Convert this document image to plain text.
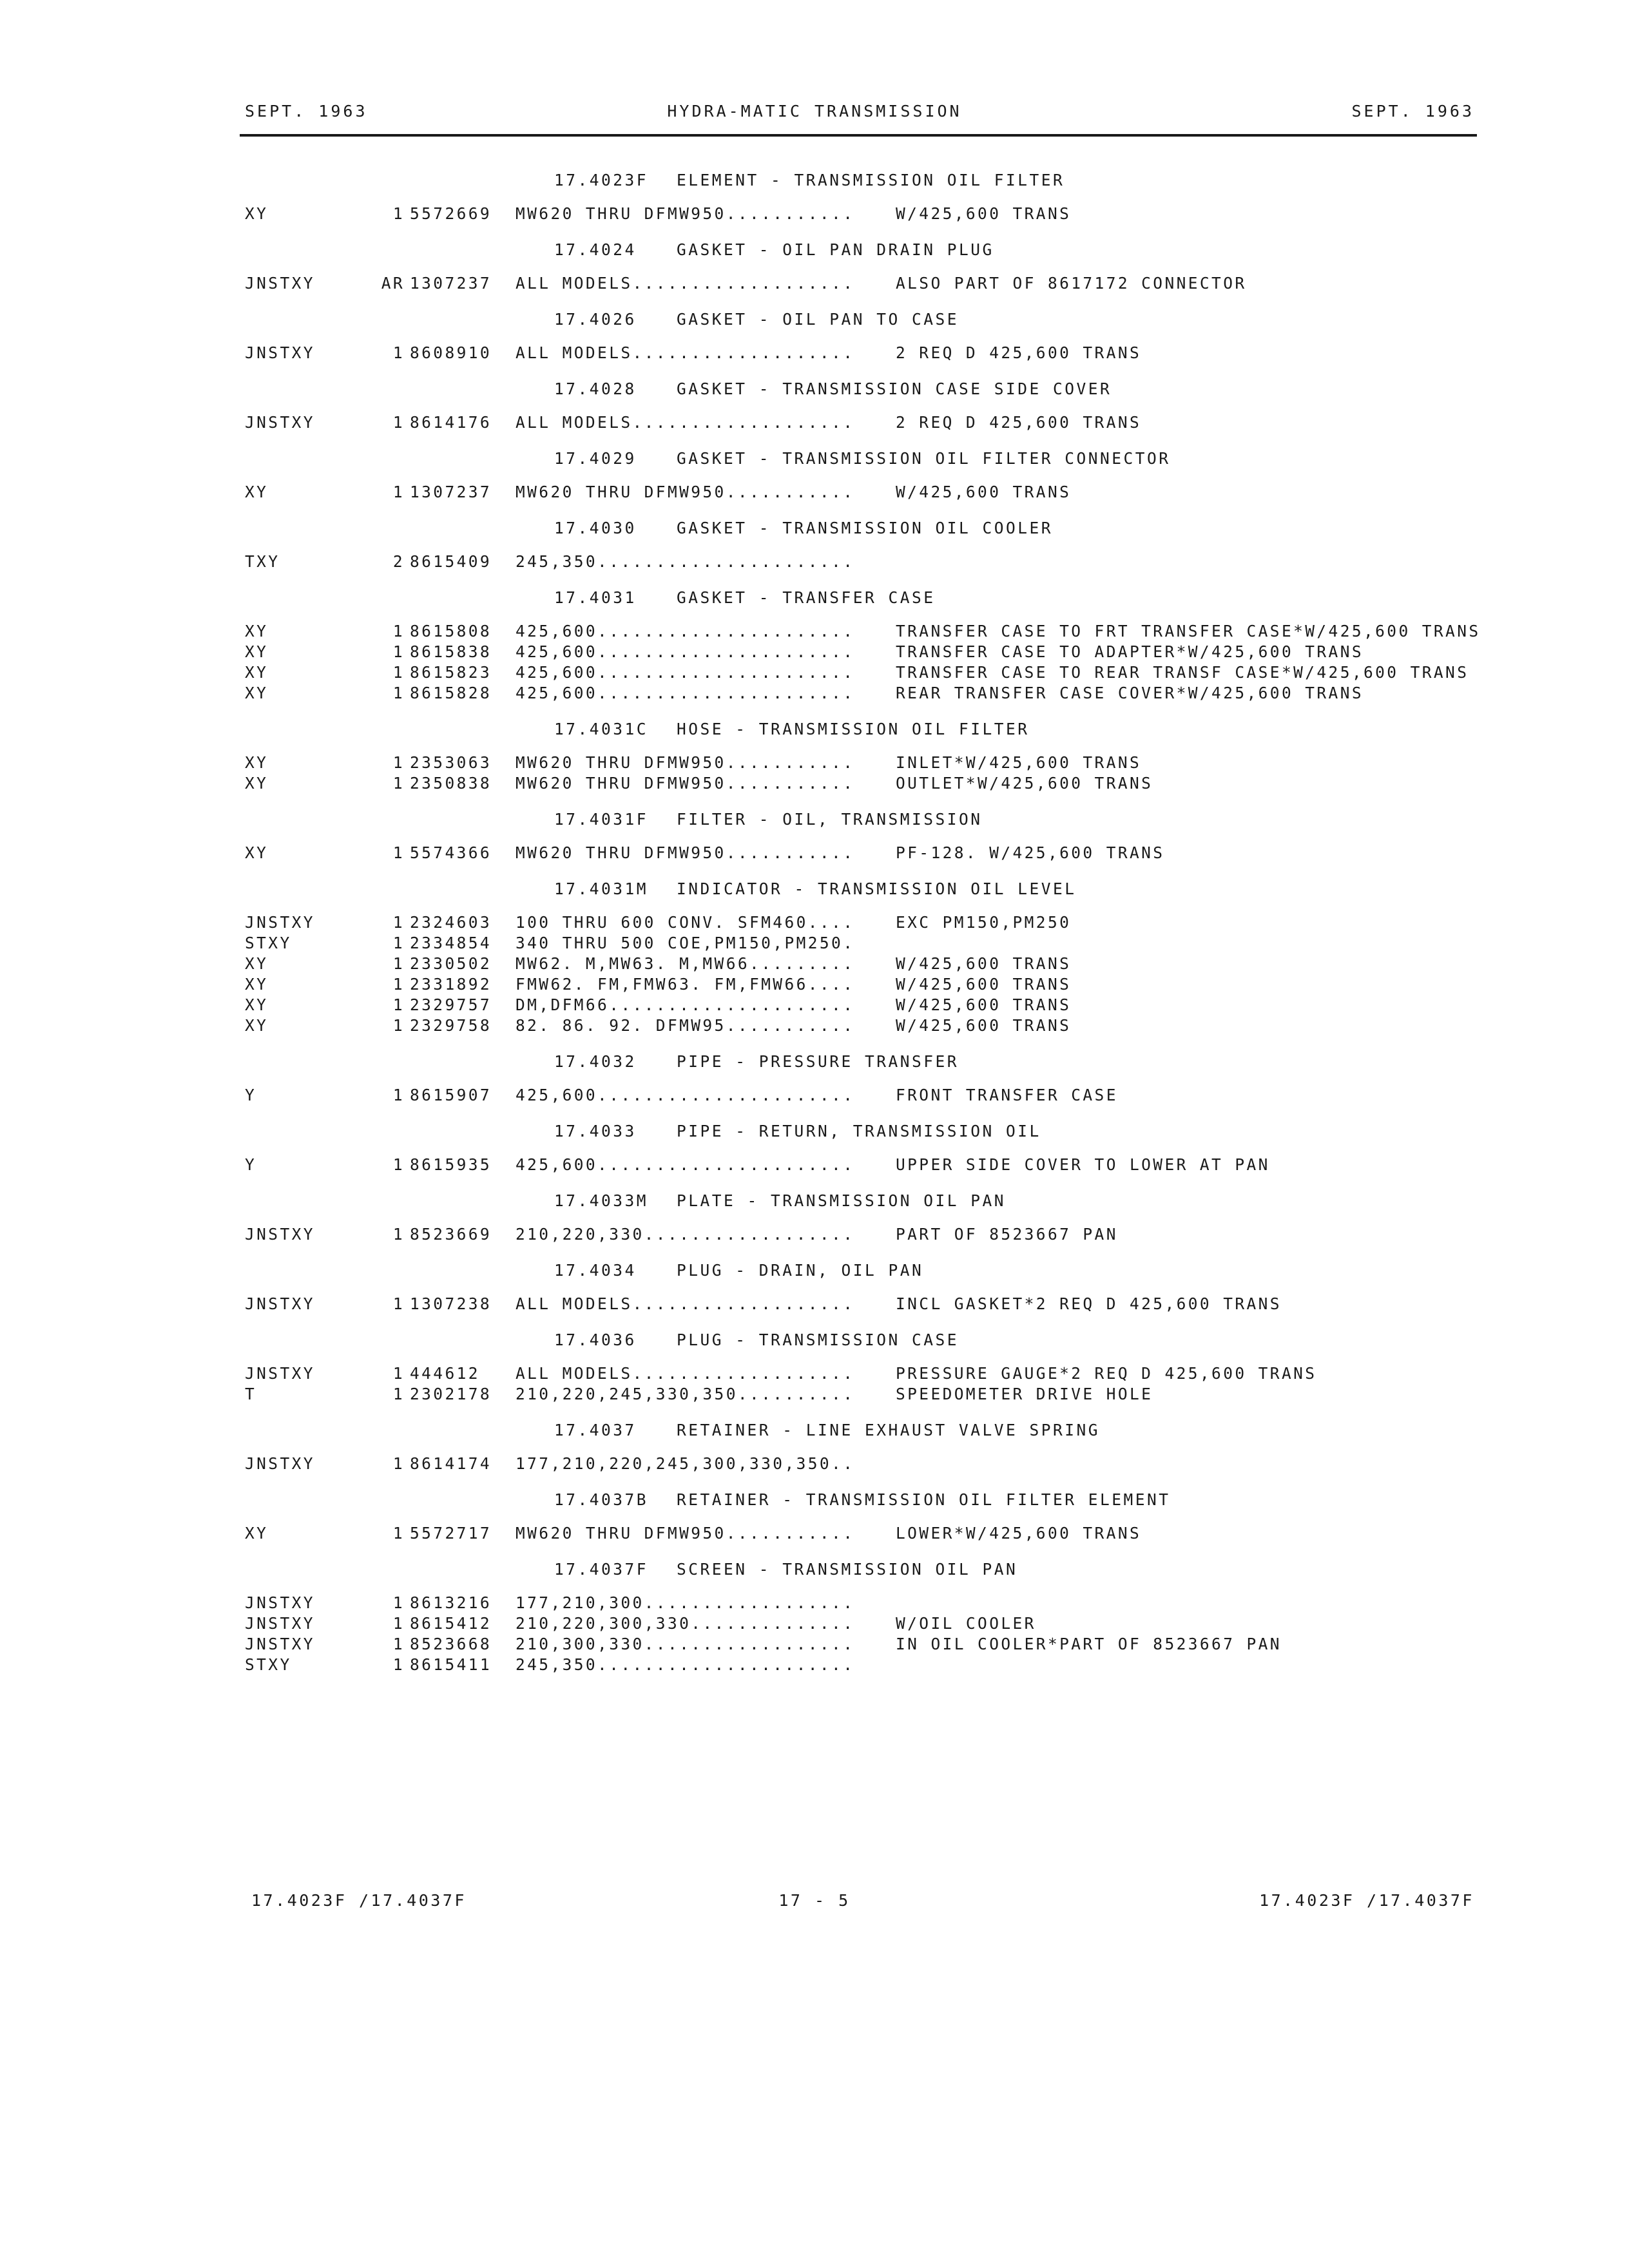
SEPT. 1963	HYDRA-MATIC TRANSMISSION	SEPT. 1963
17.4023F ELEMENT - TRANSMISSION OIL FILTER
XY	1 5572669 MW620 THRU DFMW950...........	W/425,600 TRANS
17.4024	GASKET - OIL PAN DRAIN PLUG
JNSTXY	AR 1307237 ALL MODELS...................	ALSO PART OF 8617172 CONNECTOR
17.4026	GASKET - OIL PAN TO CASE
JNSTXY	1 8608910 ALL MODELS...................	2 REQ D 425,600 TRANS
17.4028	GASKET - TRANSMISSION CASE SIDE COVER
JNSTXY	1 8614176 ALL MODELS...................	2 REQ D 425,600 TRANS
17.4029	GASKET - TRANSMISSION OIL FILTER CONNECTOR
XY	1 1307237 MW620 THRU DFMW950...........	W/425,600 TRANS
17.4030	GASKET - TRANSMISSION OIL COOLER
TXY	2 8615409 245,350......................
17.4031	GASKET - TRANSFER CASE
XY	1 8615808 425,600......................	TRANSFER CASE TO FRT TRANSFER CASE*W/425,600 TRANS
XY	1 8615838 425,600......................	TRANSFER CASE TO ADAPTER*W/425,600 TRANS
XY	1 8615823 425,600......................	TRANSFER CASE TO REAR TRANSF CASE*W/425,600 TRANS
XY	1 8615828 425,600......................	REAR TRANSFER CASE COVER*W/425,600 TRANS
17.4031C HOSE - TRANSMISSION OIL FILTER
XY	1 2353063 MW620 THRU DFMW950...........	INLET*W/425,600 TRANS
XY	1 2350838 MW620 THRU DFMW950...........	OUTLET*W/425,600 TRANS
17.4031F FILTER - OIL, TRANSMISSION
XY	1 5574366 MW620 THRU DFMW950...........	PF-128. W/425,600 TRANS
17.4031M INDICATOR - TRANSMISSION OIL LEVEL
JNSTXY	1 2324603 100 THRU 600 CONV. SFM460....	EXC PM150,PM250
STXY	1 2334854 340 THRU 500 COE,PM150,PM250.
XY	1 2330502 MW62. M,MW63. M,MW66.........	W/425,600 TRANS
XY	1 2331892 FMW62. FM,FMW63. FM,FMW66....	W/425,600 TRANS
XY	1 2329757 DM,DFM66.....................	W/425,600 TRANS
XY	1 2329758 82. 86. 92. DFMW95...........	W/425,600 TRANS
17.4032	PIPE - PRESSURE TRANSFER
Y	1 8615907 425,600......................	FRONT TRANSFER CASE
17.4033	PIPE - RETURN, TRANSMISSION OIL
Y	1 8615935 425,600......................	UPPER SIDE COVER TO LOWER AT PAN
17.4033M PLATE - TRANSMISSION OIL PAN
JNSTXY	1 8523669 210,220,330..................	PART OF 8523667 PAN
17.4034	PLUG - DRAIN, OIL PAN
JNSTXY	1 1307238 ALL MODELS...................	INCL GASKET*2 REQ D 425,600 TRANS
17.4036	PLUG - TRANSMISSION CASE
JNSTXY	1 444612 ALL MODELS...................	PRESSURE GAUGE*2 REQ D 425,600 TRANS
T	1 2302178 210,220,245,330,350..........	SPEEDOMETER DRIVE HOLE
17.4037	RETAINER - LINE EXHAUST VALVE SPRING
JNSTXY	1 8614174 177,210,220,245,300,330,350..
17.4037B RETAINER - TRANSMISSION OIL FILTER ELEMENT
XY	1 5572717 MW620 THRU DFMW950...........	LOWER*W/425,600 TRANS
17.4037F SCREEN - TRANSMISSION OIL PAN
JNSTXY	1 8613216 177,210,300..................
JNSTXY	1 8615412 210,220,300,330..............	W/OIL COOLER
JNSTXY	1 8523668 210,300,330..................	IN OIL COOLER*PART OF 8523667 PAN
STXY	1 8615411 245,350......................
17.4023F /17.4037F	17 - 5	17.4023F /17.4037F
